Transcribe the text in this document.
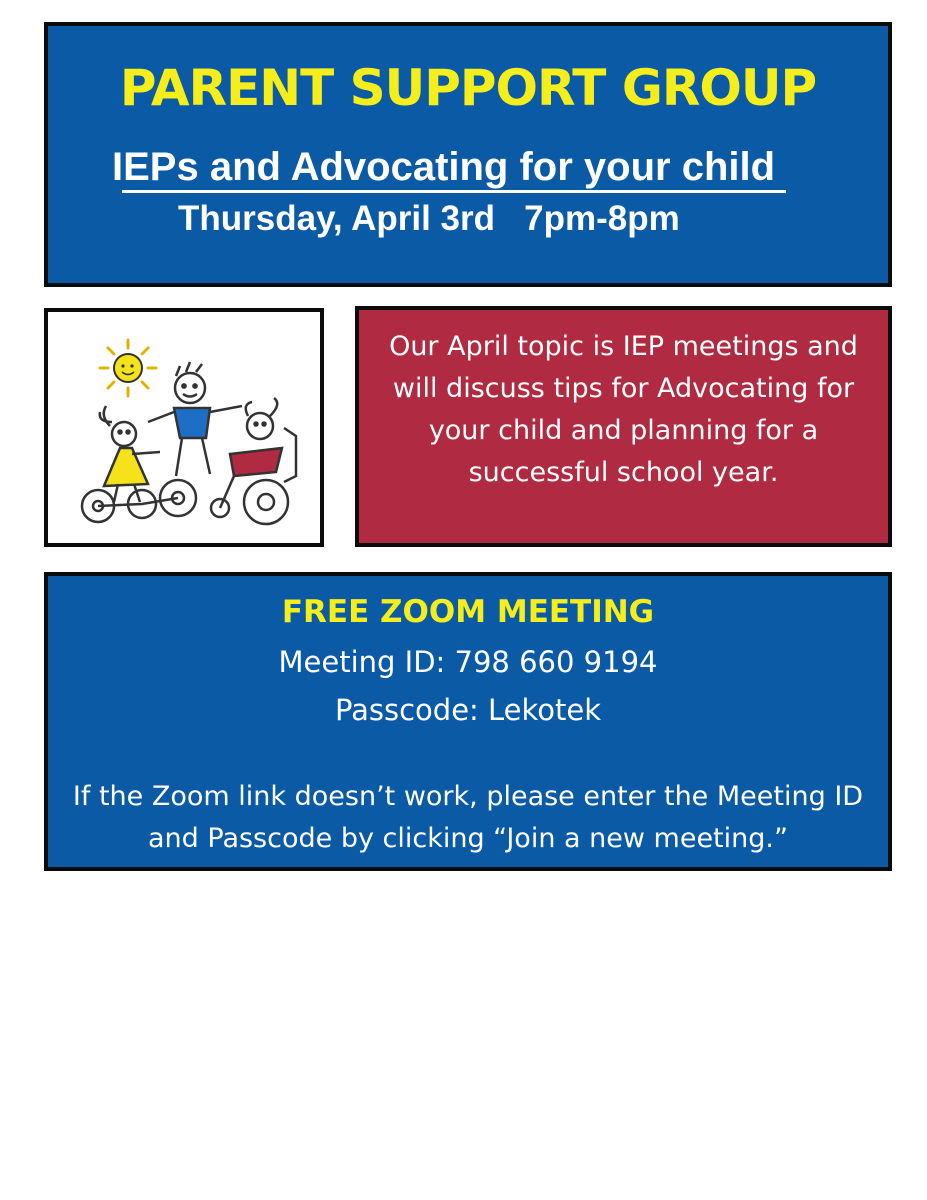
PARENT SUPPORT GROUP
IEPs and Advocating for your child
Thursday, April 3rd   7pm-8pm
Our April topic is IEP meetings and will discuss tips for Advocating for your child and planning for a successful school year.
FREE ZOOM MEETING
Meeting ID: 798 660 9194
Passcode: Lekotek
If the Zoom link doesn’t work, please enter the Meeting ID and Passcode by clicking “Join a new meeting.”
